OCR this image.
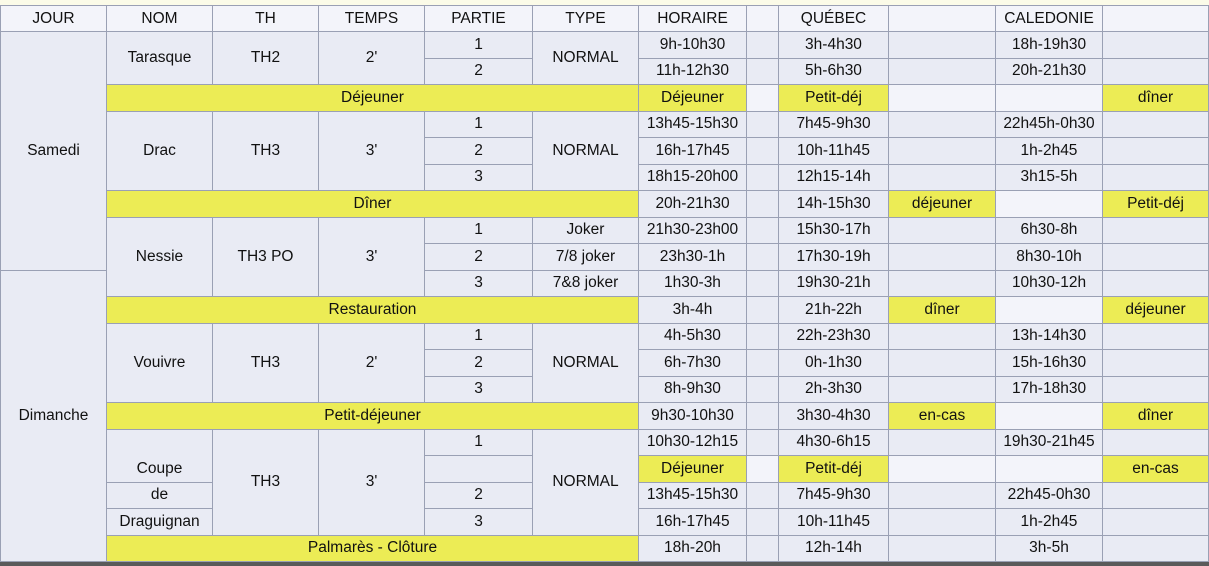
JOUR	NOM	TH	TEMPS	PARTIE	TYPE	HORAIRE		QUÉBEC		CALEDONIE	
Samedi	Tarasque	TH2	2'	1	NORMAL	9h-10h30		3h-4h30		18h-19h30	
				2		11h-12h30		5h-6h30		20h-21h30	
	Déjeuner					Déjeuner		Petit-déj			dîner
	Drac	TH3	3'	1	NORMAL	13h45-15h30		7h45-9h30		22h45h-0h30	
				2		16h-17h45		10h-11h45		1h-2h45	
				3		18h15-20h00		12h15-14h		3h15-5h	
	Dîner					20h-21h30		14h-15h30	déjeuner		Petit-déj
	Nessie	TH3 PO	3'	1	Joker	21h30-23h00		15h30-17h		6h30-8h	
				2	7/8 joker	23h30-1h		17h30-19h		8h30-10h	
Dimanche				3	7&8 joker	1h30-3h		19h30-21h		10h30-12h	
	Restauration					3h-4h		21h-22h	dîner		déjeuner
	Vouivre	TH3	2'	1	NORMAL	4h-5h30		22h-23h30		13h-14h30	
				2		6h-7h30		0h-1h30		15h-16h30	
				3		8h-9h30		2h-3h30		17h-18h30	
	Petit-déjeuner					9h30-10h30		3h30-4h30	en-cas		dîner
		TH3	3'	1	NORMAL	10h30-12h15		4h30-6h15		19h30-21h45	
	Coupe					Déjeuner		Petit-déj			en-cas
	de			2		13h45-15h30		7h45-9h30		22h45-0h30	
	Draguignan			3		16h-17h45		10h-11h45		1h-2h45	
	Palmarès - Clôture					18h-20h		12h-14h		3h-5h	
